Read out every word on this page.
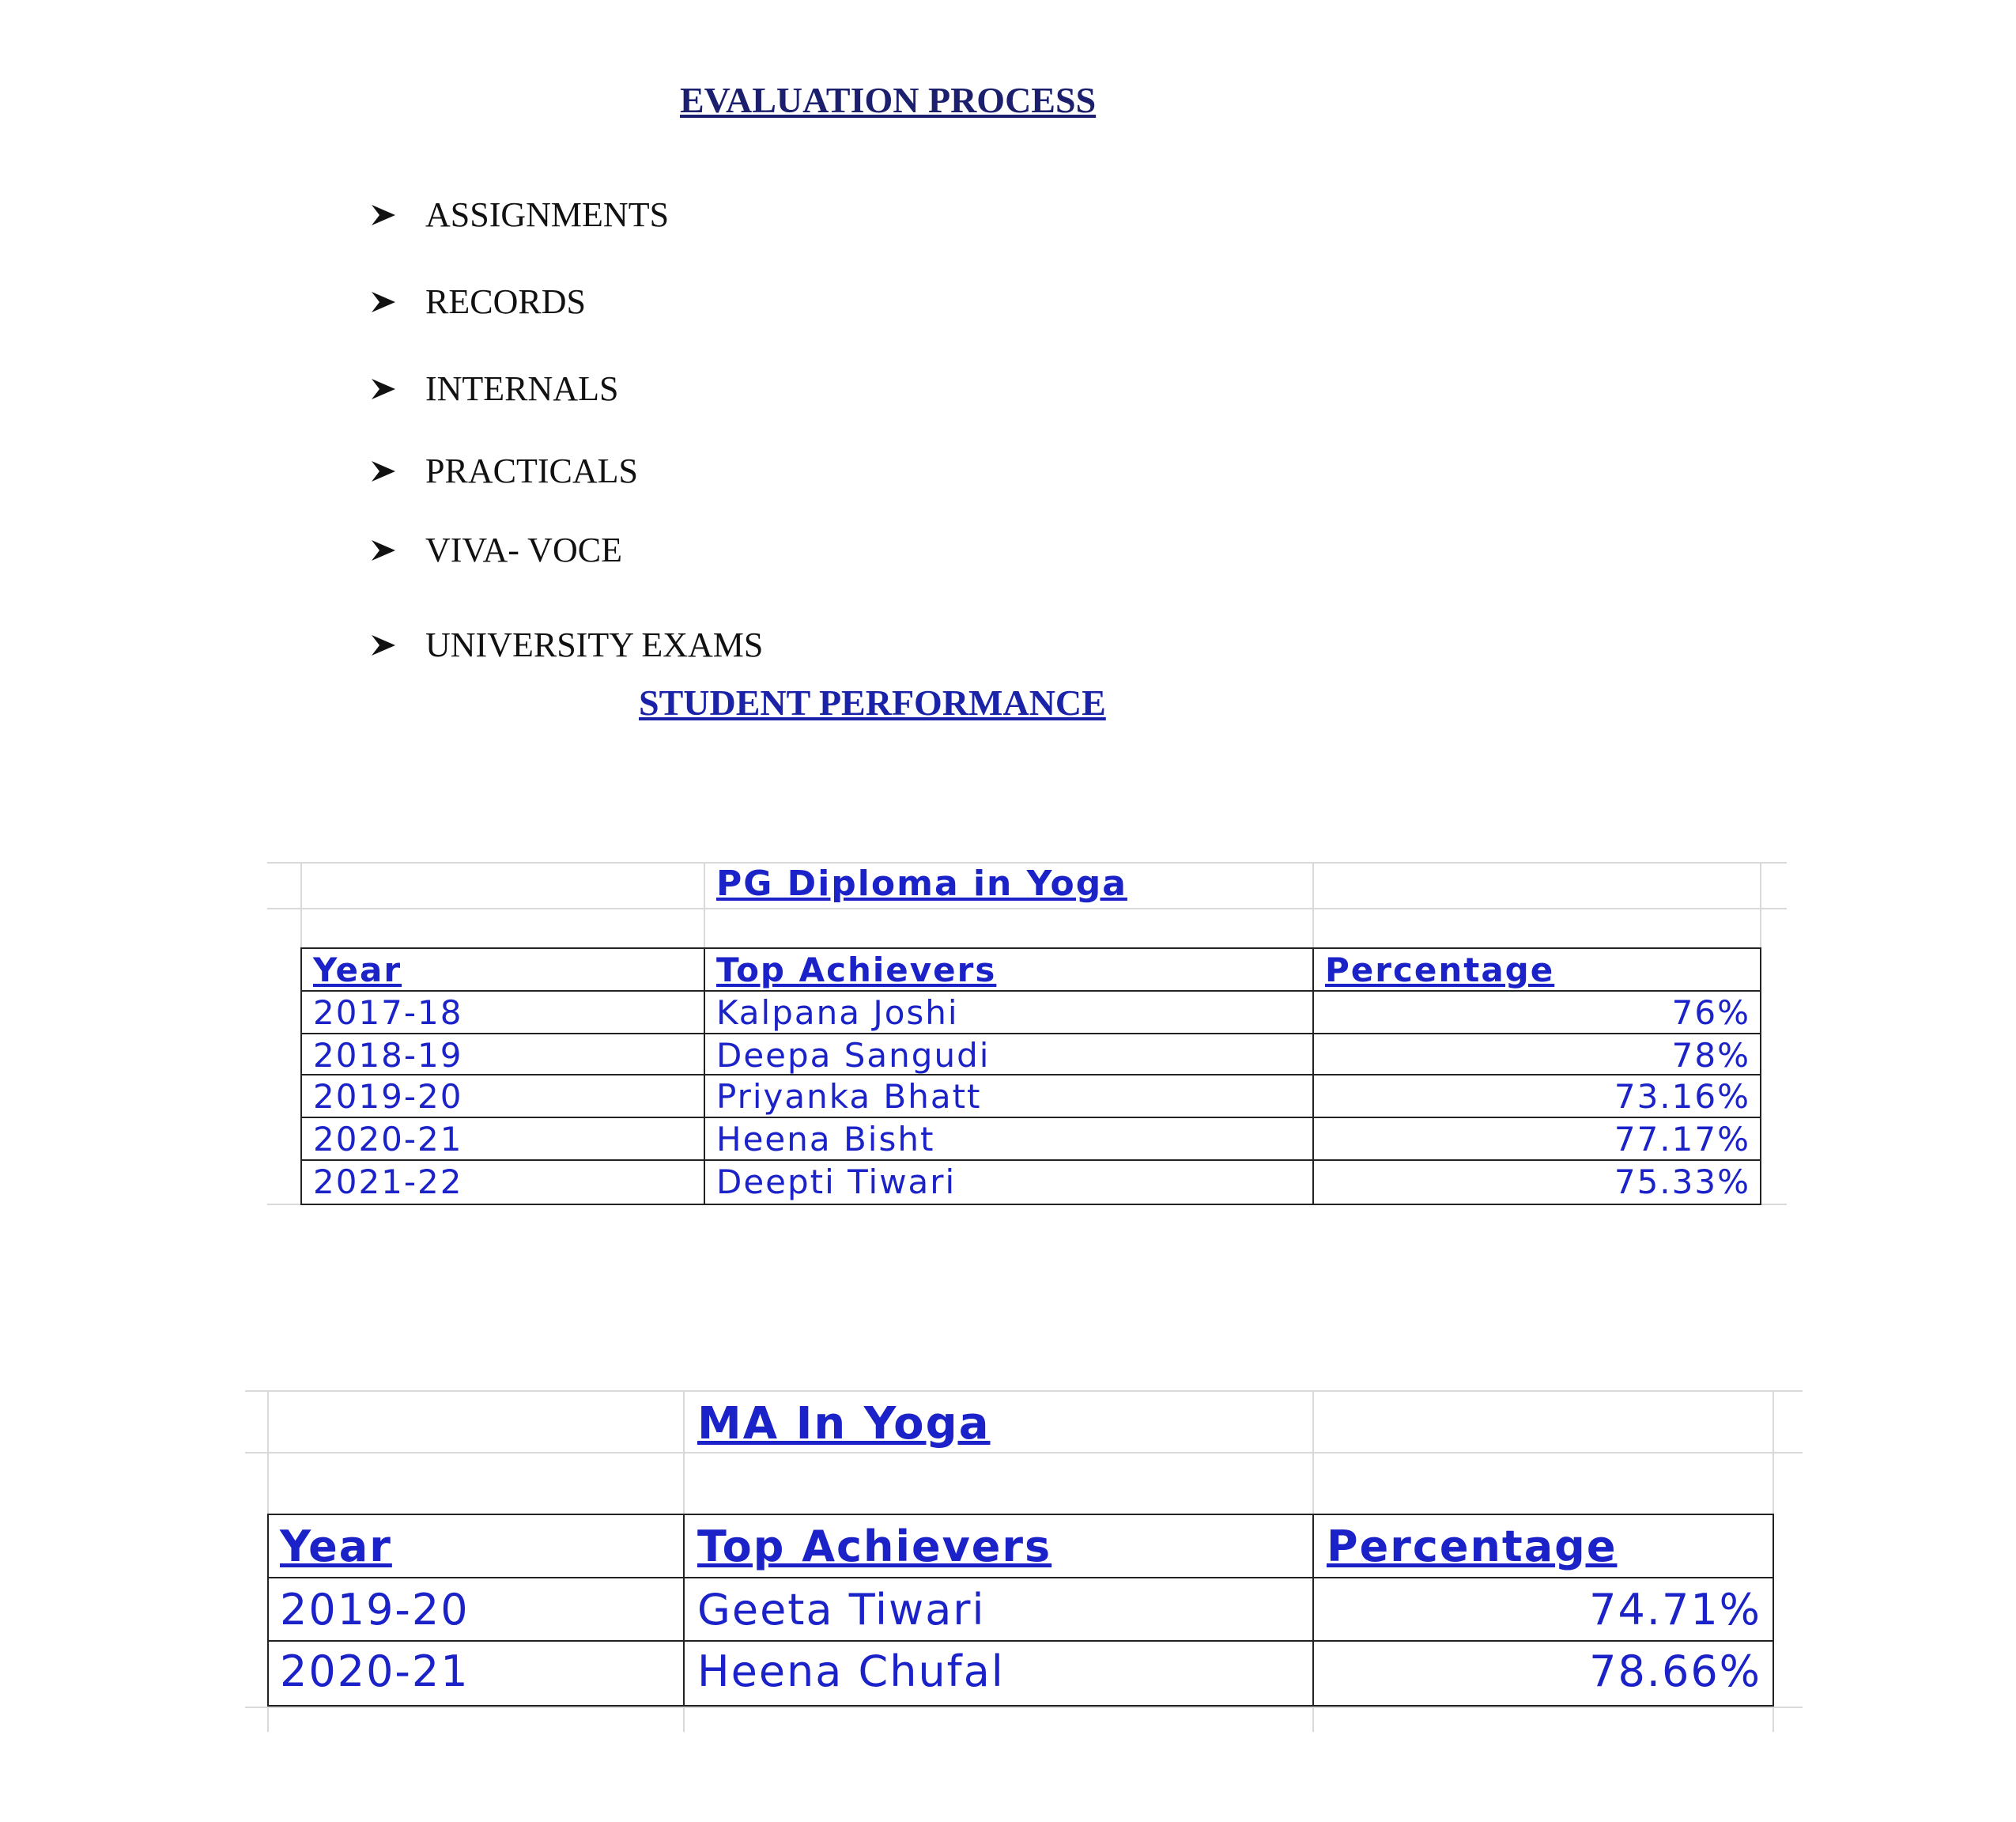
EVALUATION PROCESS
ASSIGNMENTS
RECORDS
INTERNALS
PRACTICALS
VIVA- VOCE
UNIVERSITY EXAMS
STUDENT PERFORMANCE
PG Diploma in Yoga
Year	Top Achievers	Percentage
2017-18	Kalpana Joshi	76%
2018-19	Deepa Sangudi	78%
2019-20	Priyanka Bhatt	73.16%
2020-21	Heena Bisht	77.17%
2021-22	Deepti Tiwari	75.33%
MA In Yoga
Year	Top Achievers	Percentage
2019-20	Geeta Tiwari	74.71%
2020-21	Heena Chufal	78.66%
